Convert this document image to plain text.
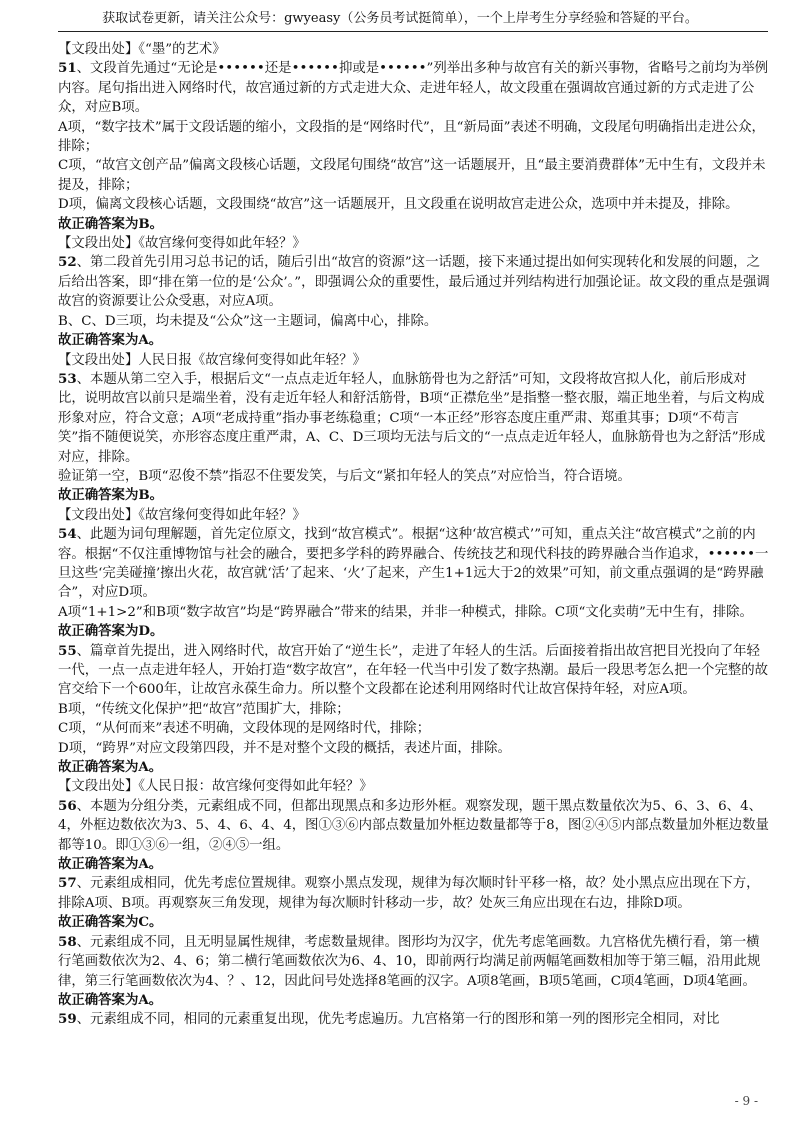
获取试卷更新，请关注公众号：gwyeasy（公务员考试挺简单），一个上岸考生分享经验和答疑的平台。

【文段出处】《“墨”的艺术》

51、文段首先通过“无论是••••••还是••••••抑或是••••••”列举出多种与故宫有关的新兴事物，省略号之前均为举例内容。尾句指出进入网络时代，故宫通过新的方式走进大众、走进年轻人，故文段重在强调故宫通过新的方式走进了公众，对应B项。

A项，“数字技术”属于文段话题的缩小，文段指的是“网络时代”，且“新局面”表述不明确，文段尾句明确指出走进公众，排除；

C项，“故宫文创产品”偏离文段核心话题，文段尾句围绕“故宫”这一话题展开，且“最主要消费群体”无中生有，文段并未提及，排除；

D项，偏离文段核心话题，文段围绕“故宫”这一话题展开，且文段重在说明故宫走进公众，选项中并未提及，排除。

故正确答案为B。

【文段出处】《故宫缘何变得如此年轻？》

52、第二段首先引用习总书记的话，随后引出“故宫的资源”这一话题，接下来通过提出如何实现转化和发展的问题，之后给出答案，即“排在第一位的是‘公众’。”，即强调公众的重要性，最后通过并列结构进行加强论证。故文段的重点是强调故宫的资源要让公众受惠，对应A项。

B、C、D三项，均未提及“公众”这一主题词，偏离中心，排除。

故正确答案为A。

【文段出处】人民日报《故宫缘何变得如此年轻？》

53、本题从第二空入手，根据后文“一点点走近年轻人，血脉筋骨也为之舒活”可知，文段将故宫拟人化，前后形成对比，说明故宫以前只是端坐着，没有走近年轻人和舒活筋骨，B项“正襟危坐”是指整一整衣服，端正地坐着，与后文构成形象对应，符合文意；A项“老成持重”指办事老练稳重；C项“一本正经”形容态度庄重严肃、郑重其事；D项“不苟言笑”指不随便说笑，亦形容态度庄重严肃，A、C、D三项均无法与后文的“一点点走近年轻人，血脉筋骨也为之舒活”形成对应，排除。

验证第一空，B项“忍俊不禁”指忍不住要发笑，与后文“紧扣年轻人的笑点”对应恰当，符合语境。

故正确答案为B。

【文段出处】《故宫缘何变得如此年轻？》

54、此题为词句理解题，首先定位原文，找到“故宫模式”。根据“这种‘故宫模式’”可知，重点关注“故宫模式”之前的内容。根据“不仅注重博物馆与社会的融合，要把多学科的跨界融合、传统技艺和现代科技的跨界融合当作追求，••••••一旦这些‘完美碰撞’擦出火花，故宫就‘活’了起来、‘火’了起来，产生1+1远大于2的效果”可知，前文重点强调的是“跨界融合”，对应D项。

A项“1+1>2”和B项“数字故宫”均是“跨界融合”带来的结果，并非一种模式，排除。C项“文化卖萌”无中生有，排除。

故正确答案为D。

55、篇章首先提出，进入网络时代，故宫开始了“逆生长”，走进了年轻人的生活。后面接着指出故宫把目光投向了年轻一代，一点一点走进年轻人，开始打造“数字故宫”，在年轻一代当中引发了数字热潮。最后一段思考怎么把一个完整的故宫交给下一个600年，让故宫永葆生命力。所以整个文段都在论述利用网络时代让故宫保持年轻，对应A项。

B项，“传统文化保护”把“故宫”范围扩大，排除；

C项，“从何而来”表述不明确，文段体现的是网络时代，排除；

D项，“跨界”对应文段第四段，并不是对整个文段的概括，表述片面，排除。

故正确答案为A。

【文段出处】《人民日报：故宫缘何变得如此年轻？》

56、本题为分组分类，元素组成不同，但都出现黑点和多边形外框。观察发现，题干黑点数量依次为5、6、3、6、4、4，外框边数依次为3、5、4、6、4、4，图①③⑥内部点数量加外框边数量都等于8，图②④⑤内部点数量加外框边数量都等10。即①③⑥一组，②④⑤一组。

故正确答案为A。

57、元素组成相同，优先考虑位置规律。观察小黑点发现，规律为每次顺时针平移一格，故？处小黑点应出现在下方，排除A项、B项。再观察灰三角发现，规律为每次顺时针移动一步，故？处灰三角应出现在右边，排除D项。

故正确答案为C。

58、元素组成不同，且无明显属性规律，考虑数量规律。图形均为汉字，优先考虑笔画数。九宫格优先横行看，第一横行笔画数依次为2、4、6；第二横行笔画数依次为6、4、10，即前两行均满足前两幅笔画数相加等于第三幅，沿用此规律，第三行笔画数依次为4、？、12，因此问号处选择8笔画的汉字。A项8笔画，B项5笔画，C项4笔画，D项4笔画。

故正确答案为A。

59、元素组成不同，相同的元素重复出现，优先考虑遍历。九宫格第一行的图形和第一列的图形完全相同，对比

- 9 -
